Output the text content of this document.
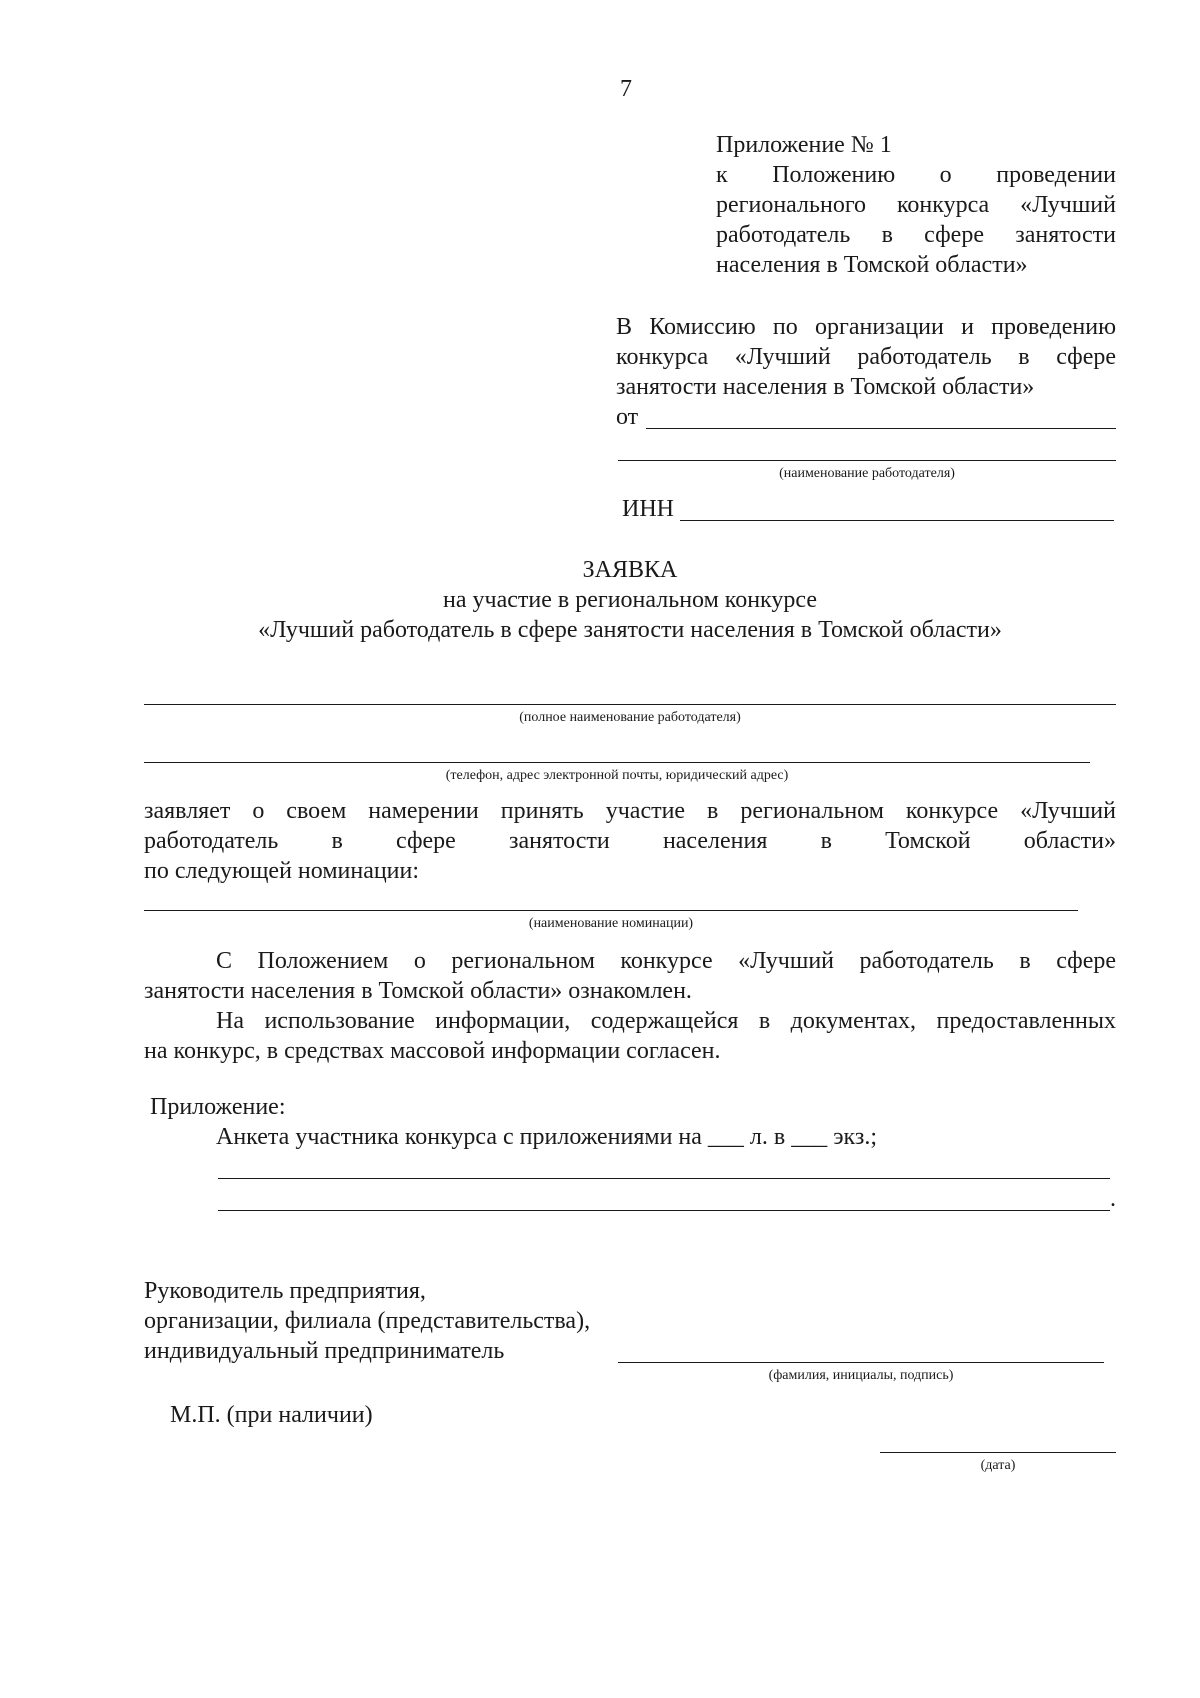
7
Приложение № 1
к Положению о проведении
регионального конкурса «Лучший
работодатель в сфере занятости
населения в Томской области»
В Комиссию по организации и проведению
конкурса «Лучший работодатель в сфере
занятости населения в Томской области»
от
(наименование работодателя)
ИНН
ЗАЯВКА
на участие в региональном конкурсе
«Лучший работодатель в сфере занятости населения в Томской области»
(полное наименование работодателя)
(телефон, адрес электронной почты, юридический адрес)
заявляет о своем намерении принять участие в региональном конкурсе «Лучший
работодатель в сфере занятости населения в Томской области»
по следующей номинации:
(наименование номинации)
С Положением о региональном конкурсе «Лучший работодатель в сфере
занятости населения в Томской области» ознакомлен.
На использование информации, содержащейся в документах, предоставленных
на конкурс, в средствах массовой информации согласен.
Приложение:
Анкета участника конкурса с приложениями на ___ л. в ___ экз.;
.
Руководитель предприятия,
организации, филиала (представительства),
индивидуальный предприниматель
(фамилия, инициалы, подпись)
М.П. (при наличии)
(дата)
